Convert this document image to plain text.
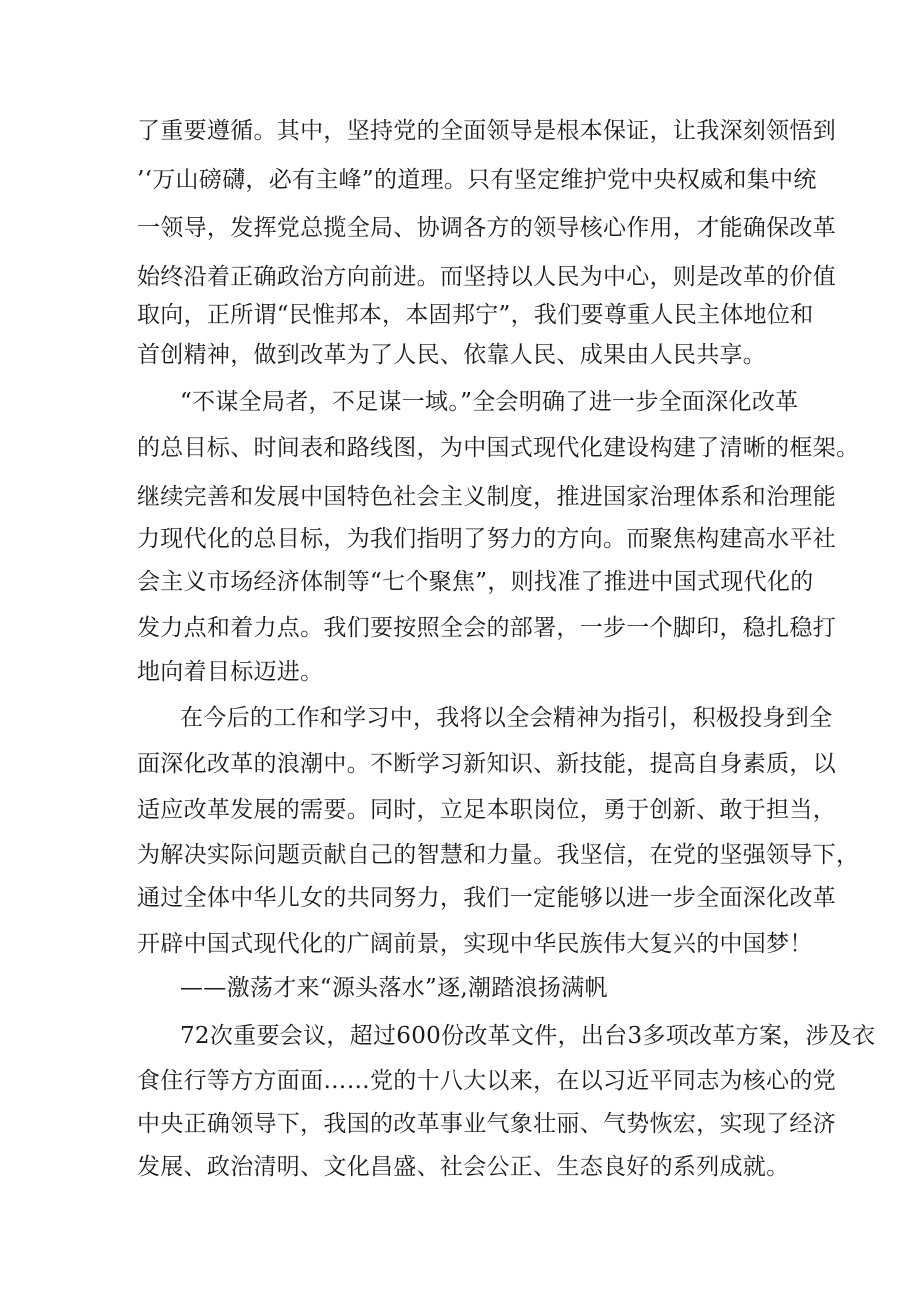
了重要遵循。其中，坚持党的全面领导是根本保证，让我深刻领悟到
’‘万山磅礴，必有主峰”的道理。只有坚定维护党中央权威和集中统
一领导，发挥党总揽全局、协调各方的领导核心作用，才能确保改革
始终沿着正确政治方向前进。而坚持以人民为中心，则是改革的价值
取向，正所谓“民惟邦本，本固邦宁”，我们要尊重人民主体地位和
首创精神，做到改革为了人民、依靠人民、成果由人民共享。
“不谋全局者，不足谋一域。”全会明确了进一步全面深化改革
的总目标、时间表和路线图，为中国式现代化建设构建了清晰的框架。
继续完善和发展中国特色社会主义制度，推进国家治理体系和治理能
力现代化的总目标，为我们指明了努力的方向。而聚焦构建高水平社
会主义市场经济体制等“七个聚焦”，则找准了推进中国式现代化的
发力点和着力点。我们要按照全会的部署，一步一个脚印，稳扎稳打
地向着目标迈进。
在今后的工作和学习中，我将以全会精神为指引，积极投身到全
面深化改革的浪潮中。不断学习新知识、新技能，提高自身素质，以
适应改革发展的需要。同时，立足本职岗位，勇于创新、敢于担当，
为解决实际问题贡献自己的智慧和力量。我坚信，在党的坚强领导下，
通过全体中华儿女的共同努力，我们一定能够以进一步全面深化改革
开辟中国式现代化的广阔前景，实现中华民族伟大复兴的中国梦！
——激荡才来“源头落水”逐,潮踏浪扬满帆
72次重要会议，超过600份改革文件，出台3多项改革方案，涉及衣
食住行等方方面面……党的十八大以来，在以习近平同志为核心的党
中央正确领导下，我国的改革事业气象壮丽、气势恢宏，实现了经济
发展、政治清明、文化昌盛、社会公正、生态良好的系列成就。
